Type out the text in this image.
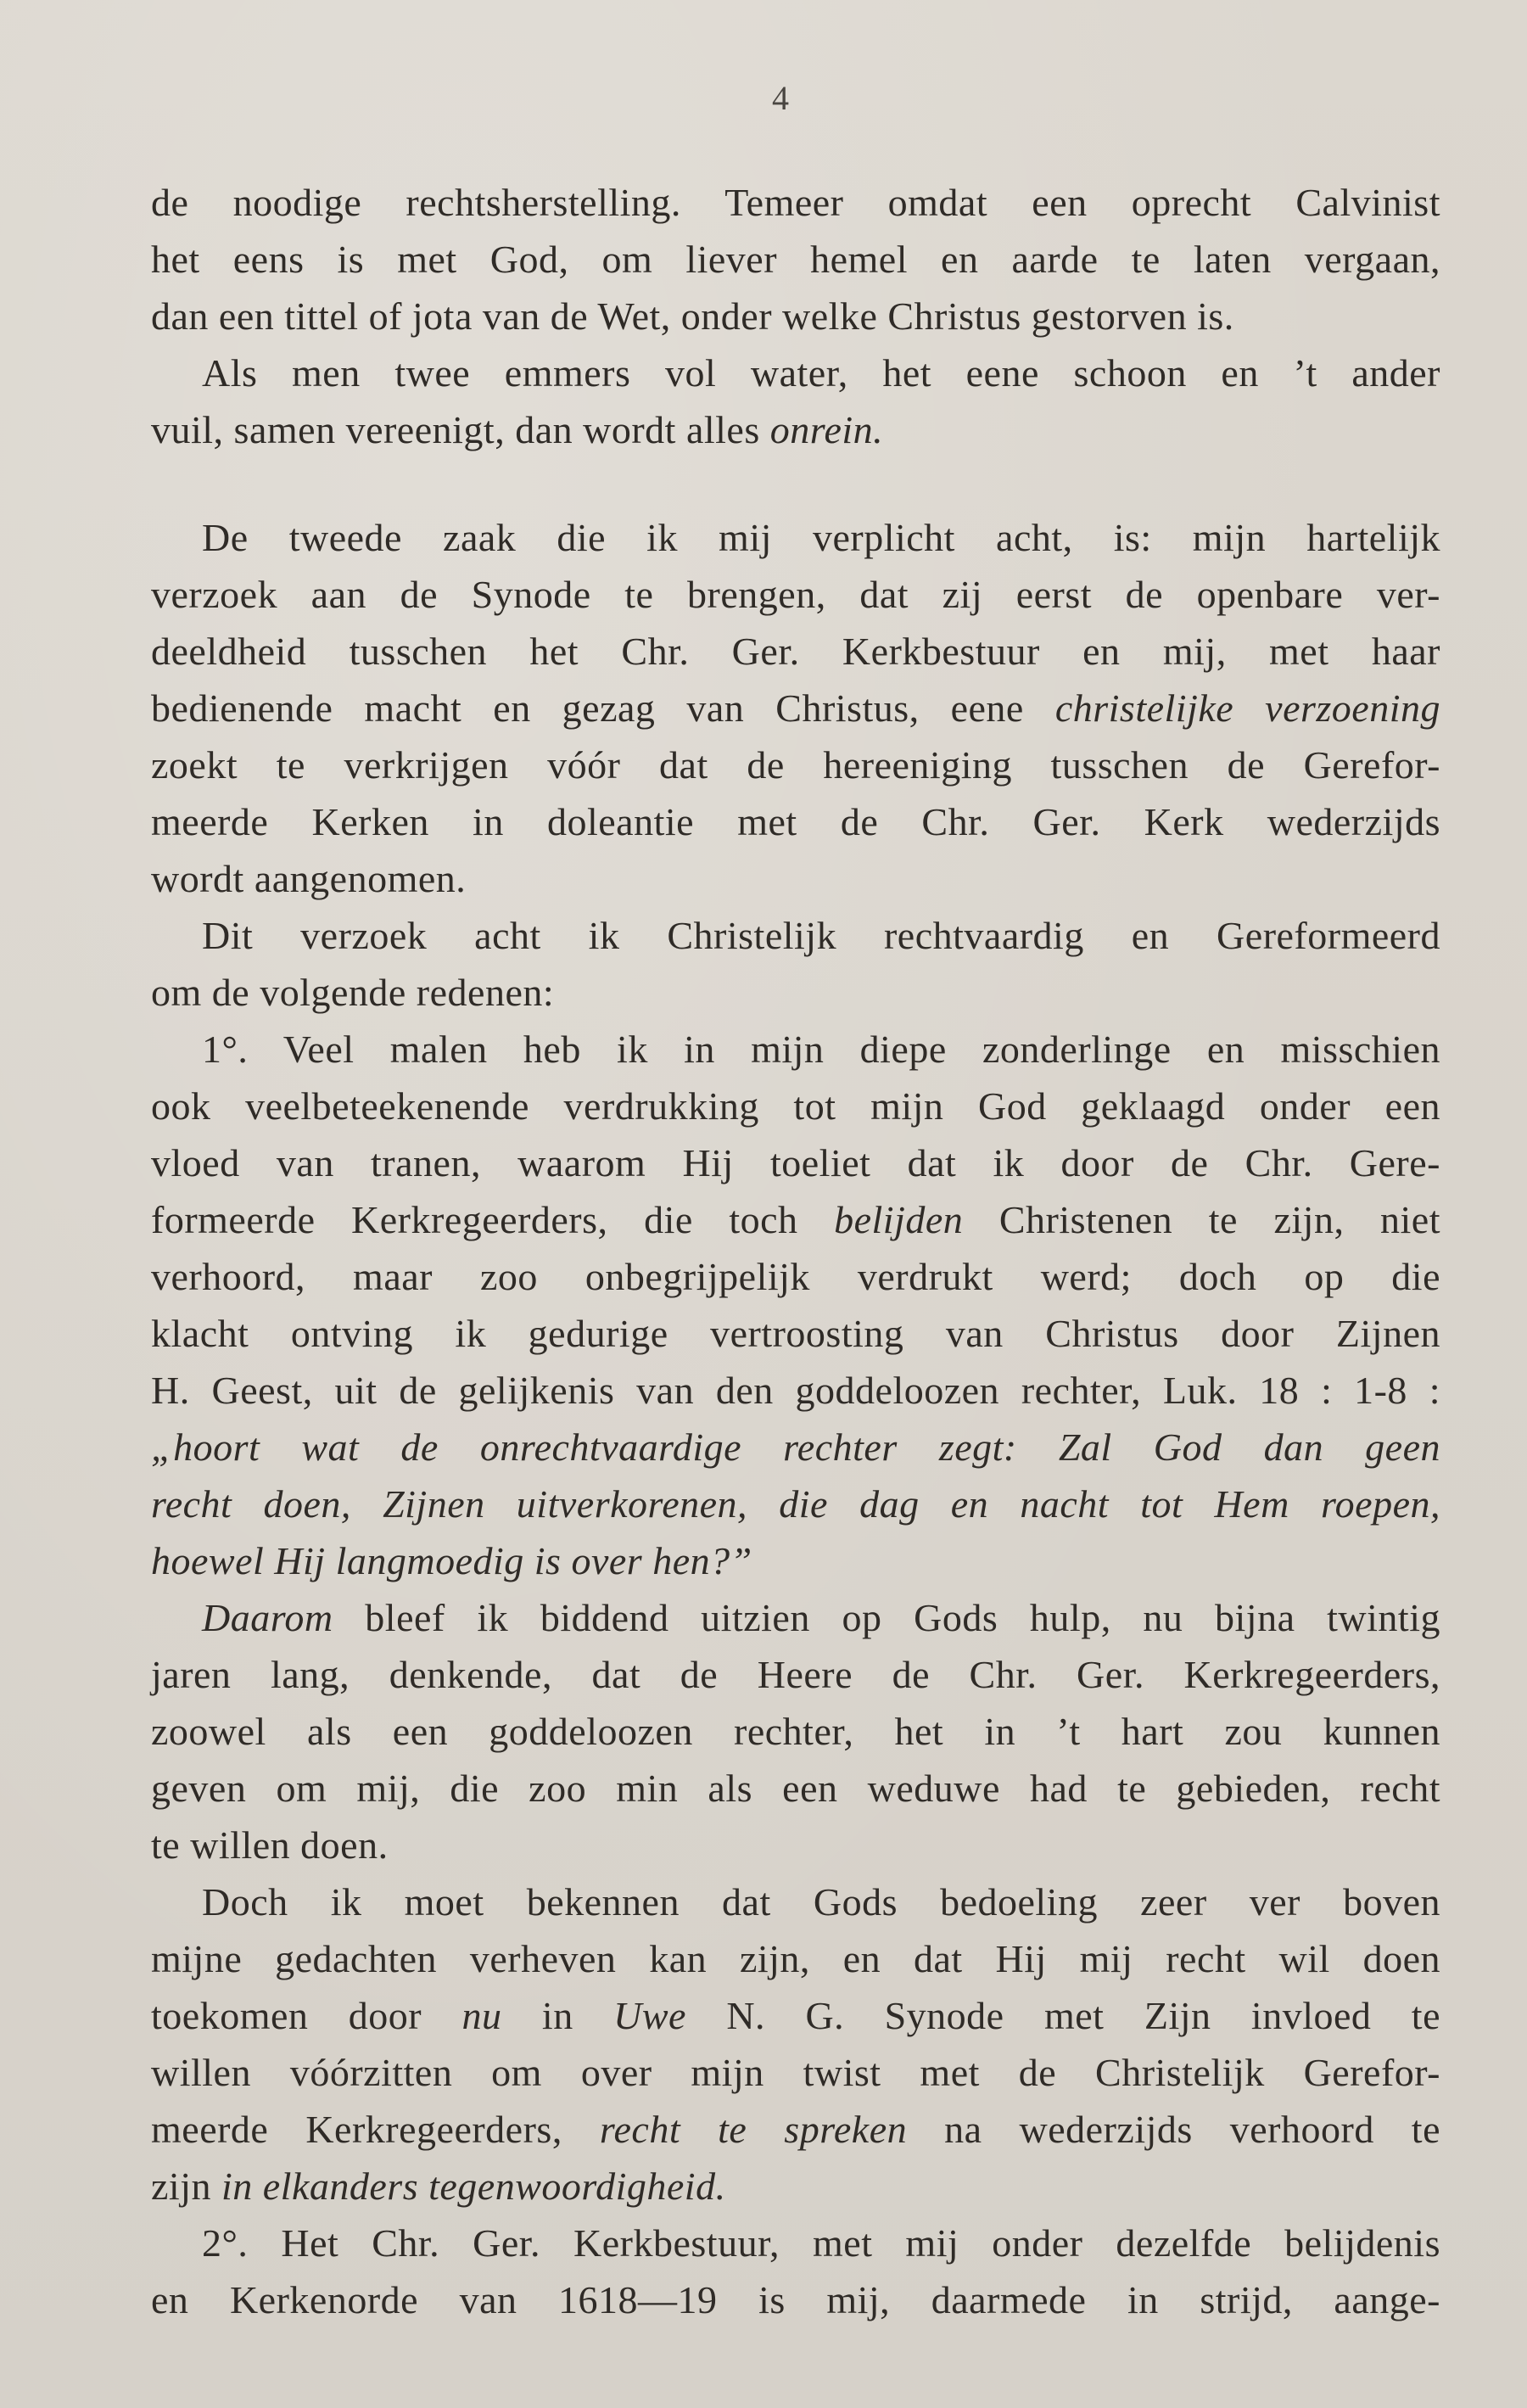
4
de noodige rechtsherstelling. Temeer omdat een oprecht Calvinist
het eens is met God, om liever hemel en aarde te laten vergaan,
dan een tittel of jota van de Wet, onder welke Christus gestorven is.
Als men twee emmers vol water, het eene schoon en ’t ander
vuil, samen vereenigt, dan wordt alles onrein.
De tweede zaak die ik mij verplicht acht, is: mijn hartelijk
verzoek aan de Synode te brengen, dat zij eerst de openbare ver-
deeldheid tusschen het Chr. Ger. Kerkbestuur en mij, met haar
bedienende macht en gezag van Christus, eene christelijke verzoening
zoekt te verkrijgen vóór dat de hereeniging tusschen de Gerefor-
meerde Kerken in doleantie met de Chr. Ger. Kerk wederzijds
wordt aangenomen.
Dit verzoek acht ik Christelijk rechtvaardig en Gereformeerd
om de volgende redenen:
1°. Veel malen heb ik in mijn diepe zonderlinge en misschien
ook veelbeteekenende verdrukking tot mijn God geklaagd onder een
vloed van tranen, waarom Hij toeliet dat ik door de Chr. Gere-
formeerde Kerkregeerders, die toch belijden Christenen te zijn, niet
verhoord, maar zoo onbegrijpelijk verdrukt werd; doch op die
klacht ontving ik gedurige vertroosting van Christus door Zijnen
H. Geest, uit de gelijkenis van den goddeloozen rechter, Luk. 18 : 1-8 :
„hoort wat de onrechtvaardige rechter zegt: Zal God dan geen
recht doen, Zijnen uitverkorenen, die dag en nacht tot Hem roepen,
hoewel Hij langmoedig is over hen?”
Daarom bleef ik biddend uitzien op Gods hulp, nu bijna twintig
jaren lang, denkende, dat de Heere de Chr. Ger. Kerkregeerders,
zoowel als een goddeloozen rechter, het in ’t hart zou kunnen
geven om mij, die zoo min als een weduwe had te gebieden, recht
te willen doen.
Doch ik moet bekennen dat Gods bedoeling zeer ver boven
mijne gedachten verheven kan zijn, en dat Hij mij recht wil doen
toekomen door nu in Uwe N. G. Synode met Zijn invloed te
willen vóórzitten om over mijn twist met de Christelijk Gerefor-
meerde Kerkregeerders, recht te spreken na wederzijds verhoord te
zijn in elkanders tegenwoordigheid.
2°. Het Chr. Ger. Kerkbestuur, met mij onder dezelfde belijdenis
en Kerkenorde van 1618—19 is mij, daarmede in strijd, aange-
